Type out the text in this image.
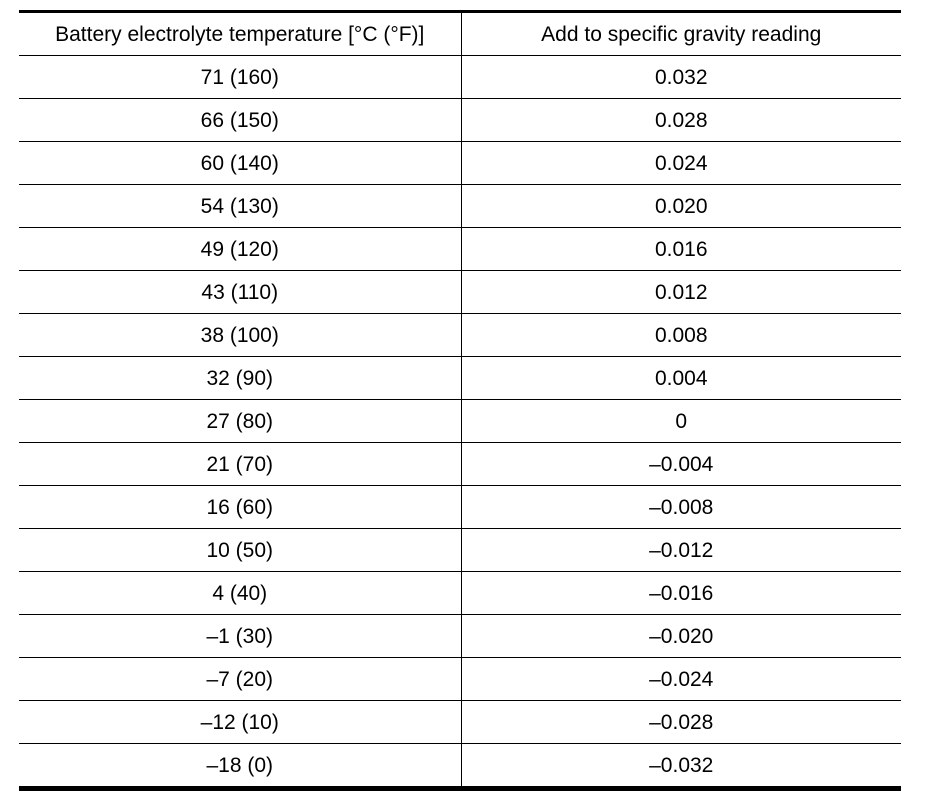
Battery electrolyte temperature [°C (°F)]	Add to specific gravity reading
71 (160)	0.032
66 (150)	0.028
60 (140)	0.024
54 (130)	0.020
49 (120)	0.016
43 (110)	0.012
38 (100)	0.008
32 (90)	0.004
27 (80)	0
21 (70)	–0.004
16 (60)	–0.008
10 (50)	–0.012
4 (40)	–0.016
–1 (30)	–0.020
–7 (20)	–0.024
–12 (10)	–0.028
–18 (0)	–0.032
